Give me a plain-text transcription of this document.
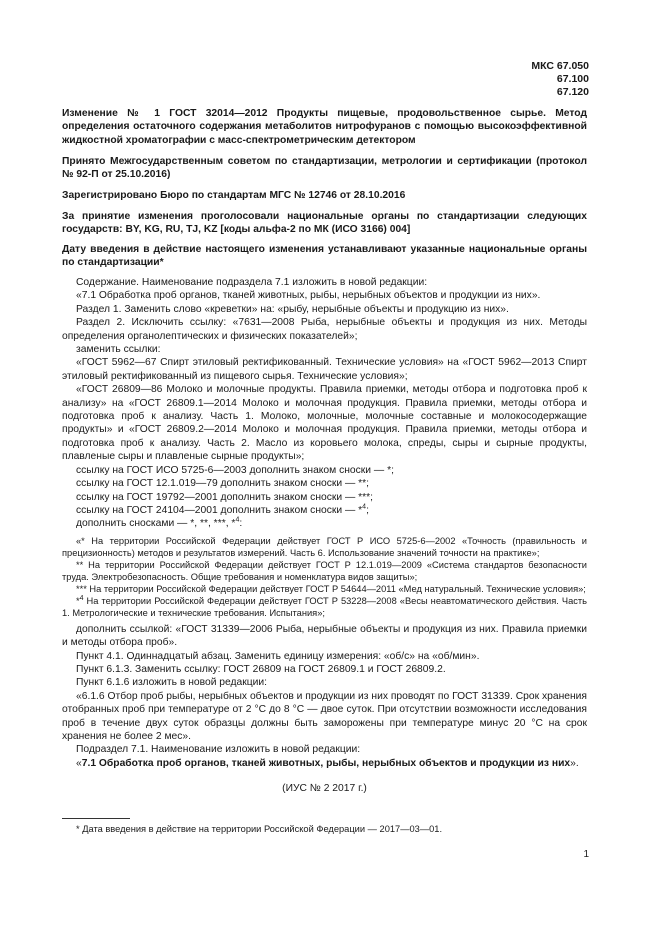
МКС 67.050
67.100
67.120
Изменение № 1 ГОСТ 32014—2012 Продукты пищевые, продовольственное сырье. Метод определения остаточного содержания метаболитов нитрофуранов с помощью высокоэффективной жидкостной хроматографии с масс-спектрометрическим детектором
Принято Межгосударственным советом по стандартизации, метрологии и сертификации (протокол № 92-П от 25.10.2016)
Зарегистрировано Бюро по стандартам МГС № 12746 от 28.10.2016
За принятие изменения проголосовали национальные органы по стандартизации следующих государств: BY, KG, RU, TJ, KZ [коды альфа-2 по МК (ИСО 3166) 004]
Дату введения в действие настоящего изменения устанавливают указанные национальные органы по стандартизации*

Содержание. Наименование подраздела 7.1 изложить в новой редакции:

«7.1 Обработка проб органов, тканей животных, рыбы, нерыбных объектов и продукции из них».

Раздел 1. Заменить слово «креветки» на: «рыбу, нерыбные объекты и продукцию из них».

Раздел 2. Исключить ссылку: «7631—2008 Рыба, нерыбные объекты и продукция из них. Методы определения органолептических и физических показателей»;

заменить ссылки:

«ГОСТ 5962—67 Спирт этиловый ректификованный. Технические условия» на «ГОСТ 5962—2013 Спирт этиловый ректификованный из пищевого сырья. Технические условия»;

«ГОСТ 26809—86 Молоко и молочные продукты. Правила приемки, методы отбора и подготовка проб к анализу» на «ГОСТ 26809.1—2014 Молоко и молочная продукция. Правила приемки, методы отбора и подготовка проб к анализу. Часть 1. Молоко, молочные, молочные составные и молокосодержащие продукты» и «ГОСТ 26809.2—2014 Молоко и молочная продукция. Правила приемки, методы отбора и подготовка проб к анализу. Часть 2. Масло из коровьего молока, спреды, сыры и сырные продукты, плавленые сыры и плавленые сырные продукты»;

ссылку на ГОСТ ИСО 5725-6—2003 дополнить знаком сноски — *;

ссылку на ГОСТ 12.1.019—79 дополнить знаком сноски — **;

ссылку на ГОСТ 19792—2001 дополнить знаком сноски — ***;

ссылку на ГОСТ 24104—2001 дополнить знаком сноски — *$^4$;

дополнить сносками — *, **, ***, *$^4$:

«* На территории Российской Федерации действует ГОСТ Р ИСО 5725-6—2002 «Точность (правильность и прецизионность) методов и результатов измерений. Часть 6. Использование значений точности на практике»;

** На территории Российской Федерации действует ГОСТ Р 12.1.019—2009 «Система стандартов безопасности труда. Электробезопасность. Общие требования и номенклатура видов защиты»;

*** На территории Российской Федерации действует ГОСТ Р 54644—2011 «Мед натуральный. Технические условия»;

*$^4$ На территории Российской Федерации действует ГОСТ Р 53228—2008 «Весы неавтоматического действия. Часть 1. Метрологические и технические требования. Испытания»;

дополнить ссылкой: «ГОСТ 31339—2006 Рыба, нерыбные объекты и продукция из них. Правила приемки и методы отбора проб».

Пункт 4.1. Одиннадцатый абзац. Заменить единицу измерения: «об/с» на «об/мин».

Пункт 6.1.3. Заменить ссылку: ГОСТ 26809 на ГОСТ 26809.1 и ГОСТ 26809.2.

Пункт 6.1.6 изложить в новой редакции:

«6.1.6 Отбор проб рыбы, нерыбных объектов и продукции из них проводят по ГОСТ 31339. Срок хранения отобранных проб при температуре от 2 °C до 8 °C — двое суток. При отсутствии возможности исследования проб в течение двух суток образцы должны быть заморожены при температуре минус 20 °C на срок хранения не более 2 мес».

Подраздел 7.1. Наименование изложить в новой редакции:

«7.1 Обработка проб органов, тканей животных, рыбы, нерыбных объектов и продукции из них».

(ИУС № 2 2017 г.)

* Дата введения в действие на территории Российской Федерации — 2017—03—01.

1
